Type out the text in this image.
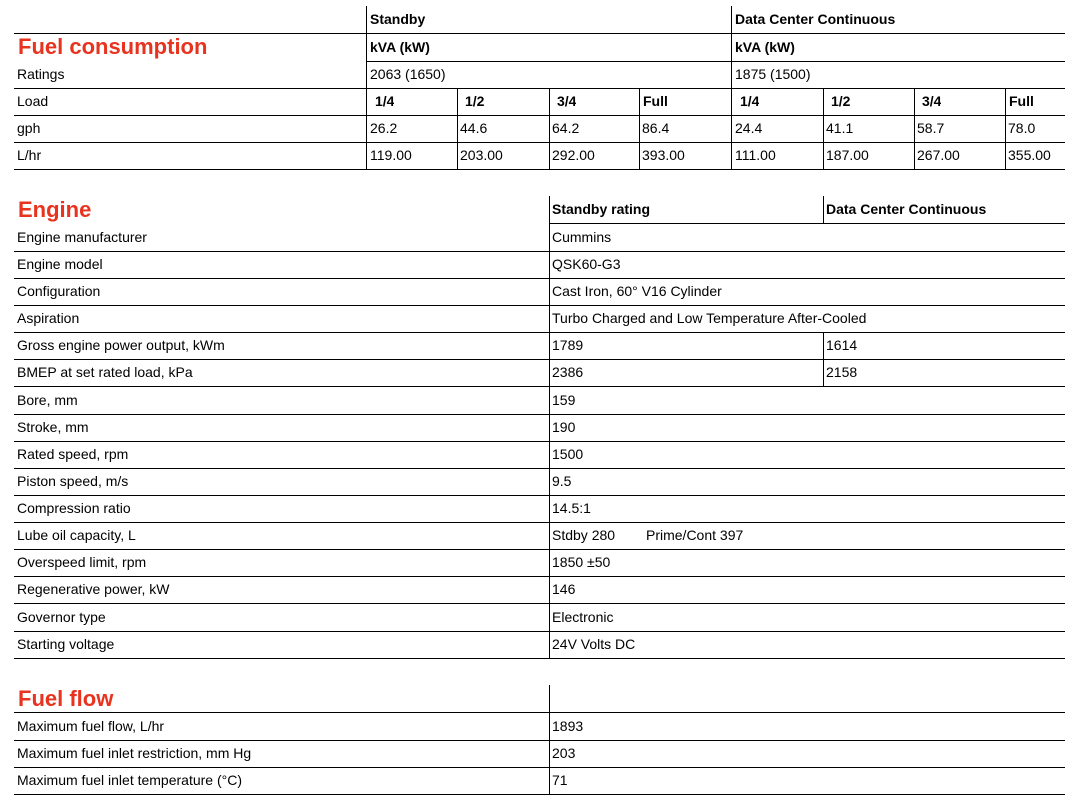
Fuel consumption
Standby	Data Center Continuous
kVA (kW)	kVA (kW)
Ratings	2063 (1650)	1875 (1500)
Load	1/4	1/2	3/4	Full	1/4	1/2	3/4	Full
gph	26.2	44.6	64.2	86.4	24.4	41.1	58.7	78.0
L/hr	119.00	203.00	292.00	393.00	111.00	187.00	267.00	355.00
Engine	Standby rating	Data Center Continuous
Engine manufacturer	Cummins
Engine model	QSK60-G3
Configuration	Cast Iron, 60° V16 Cylinder
Aspiration	Turbo Charged and Low Temperature After-Cooled
Gross engine power output, kWm	1789	1614
BMEP at set rated load, kPa	2386	2158
Bore, mm	159
Stroke, mm	190
Rated speed, rpm	1500
Piston speed, m/s	9.5
Compression ratio	14.5:1
Lube oil capacity, L	Stdby 280 Prime/Cont 397
Overspeed limit, rpm	1850 ±50
Regenerative power, kW	146
Governor type	Electronic
Starting voltage	24V Volts DC
Fuel flow
Maximum fuel flow, L/hr	1893
Maximum fuel inlet restriction, mm Hg	203
Maximum fuel inlet temperature (°C)	71
